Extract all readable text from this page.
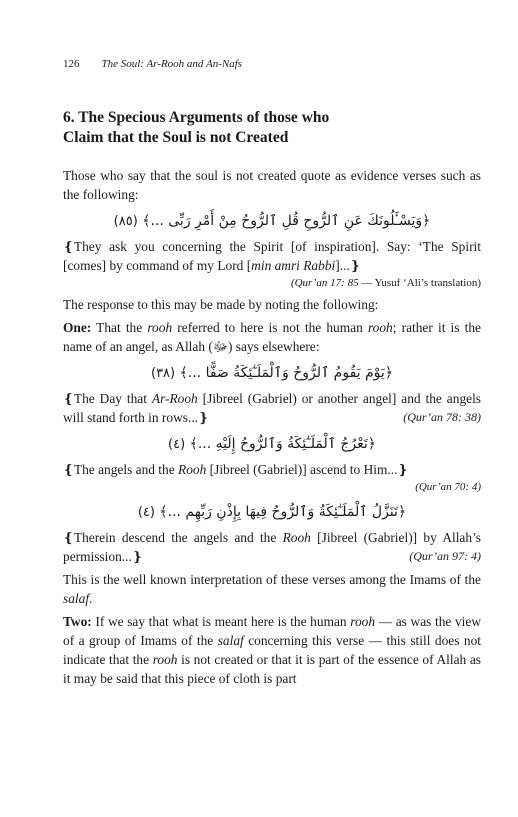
126 The Soul: Ar-Rooh and An-Nafs
6. The Specious Arguments of those who
Claim that the Soul is not Created

Those who say that the soul is not created quote as evidence verses such as the following:

﴿وَيَسْـَٔلُونَكَ عَنِ ٱلرُّوحِ قُلِ ٱلرُّوحُ مِنْ أَمْرِ رَبِّى ...﴾ (٨٥)

❴They ask you concerning the Spirit [of inspiration]. Say: ‘The Spirit [comes] by command of my Lord [min amri Rabbi]...❵

(Qur’an 17: 85 — Yusuf ‘Ali’s translation)

The response to this may be made by noting the following:

One: That the rooh referred to here is not the human rooh; rather it is the name of an angel, as Allah (ﷻ) says elsewhere:

﴿يَوْمَ يَقُومُ ٱلرُّوحُ وَٱلْمَلَـٰٓئِكَةُ صَفًّا ...﴾ (٣٨)

❴The Day that Ar-Rooh [Jibreel (Gabriel) or another angel] and the angels will stand forth in rows...❵	(Qur’an 78: 38)

﴿تَعْرُجُ ٱلْمَلَـٰٓئِكَةُ وَٱلرُّوحُ إِلَيْهِ ...﴾ (٤)

❴The angels and the Rooh [Jibreel (Gabriel)] ascend to Him...❵

(Qur’an 70: 4)
﴿تَنَزَّلُ ٱلْمَلَـٰٓئِكَةُ وَٱلرُّوحُ فِيهَا بِإِذْنِ رَبِّهِم ...﴾ (٤)

❴Therein descend the angels and the Rooh [Jibreel (Gabriel)] by Allah’s permission...❵	(Qur’an 97: 4)

This is the well known interpretation of these verses among the Imams of the salaf.

Two: If we say that what is meant here is the human rooh — as was the view of a group of Imams of the salaf concerning this verse — this still does not indicate that the rooh is not created or that it is part of the essence of Allah as it may be said that this piece of cloth is part
